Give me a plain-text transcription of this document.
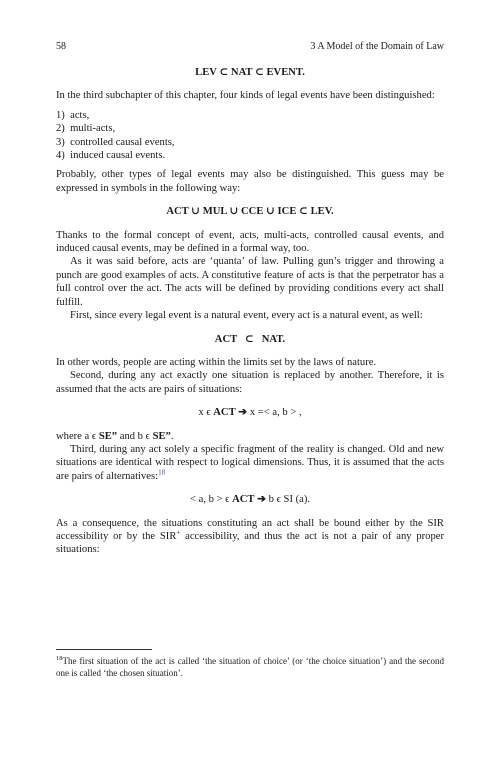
58	3 A Model of the Domain of Law
LEV ⊂ NAT ⊂ EVENT.

In the third subchapter of this chapter, four kinds of legal events have been distinguished:

1) acts,
2) multi-acts,
3) controlled causal events,
4) induced causal events.

Probably, other types of legal events may also be distinguished. This guess may be expressed in symbols in the following way:

ACT ∪ MUL ∪ CCE ∪ ICE ⊂ LEV.

Thanks to the formal concept of event, acts, multi-acts, controlled causal events, and induced causal events, may be defined in a formal way, too.

As it was said before, acts are ‘quanta’ of law. Pulling gun’s trigger and throwing a punch are good examples of acts. A constitutive feature of acts is that the perpetrator has a full control over the act. The acts will be defined by providing conditions every act shall fulfill.

First, since every legal event is a natural event, every act is a natural event, as well:

ACT   ⊂   NAT.

In other words, people are acting within the limits set by the laws of nature.

Second, during any act exactly one situation is replaced by another. Therefore, it is assumed that the acts are pairs of situations:

x ϵ ACT ➔ x =< a, b > ,

where a ϵ SE” and b ϵ SE”.

Third, during any act solely a specific fragment of the reality is changed. Old and new situations are identical with respect to logical dimensions. Thus, it is assumed that the acts are pairs of alternatives:$^{18}$

< a, b > ϵ ACT ➔ b ϵ SI (a).

As a consequence, the situations constituting an act shall be bound either by the SIR accessibility or by the SIR+ accessibility, and thus the act is not a pair of any proper situations:

$^{18}$The first situation of the act is called ‘the situation of choice’ (or ‘the choice situation’) and the second one is called ‘the chosen situation’.
